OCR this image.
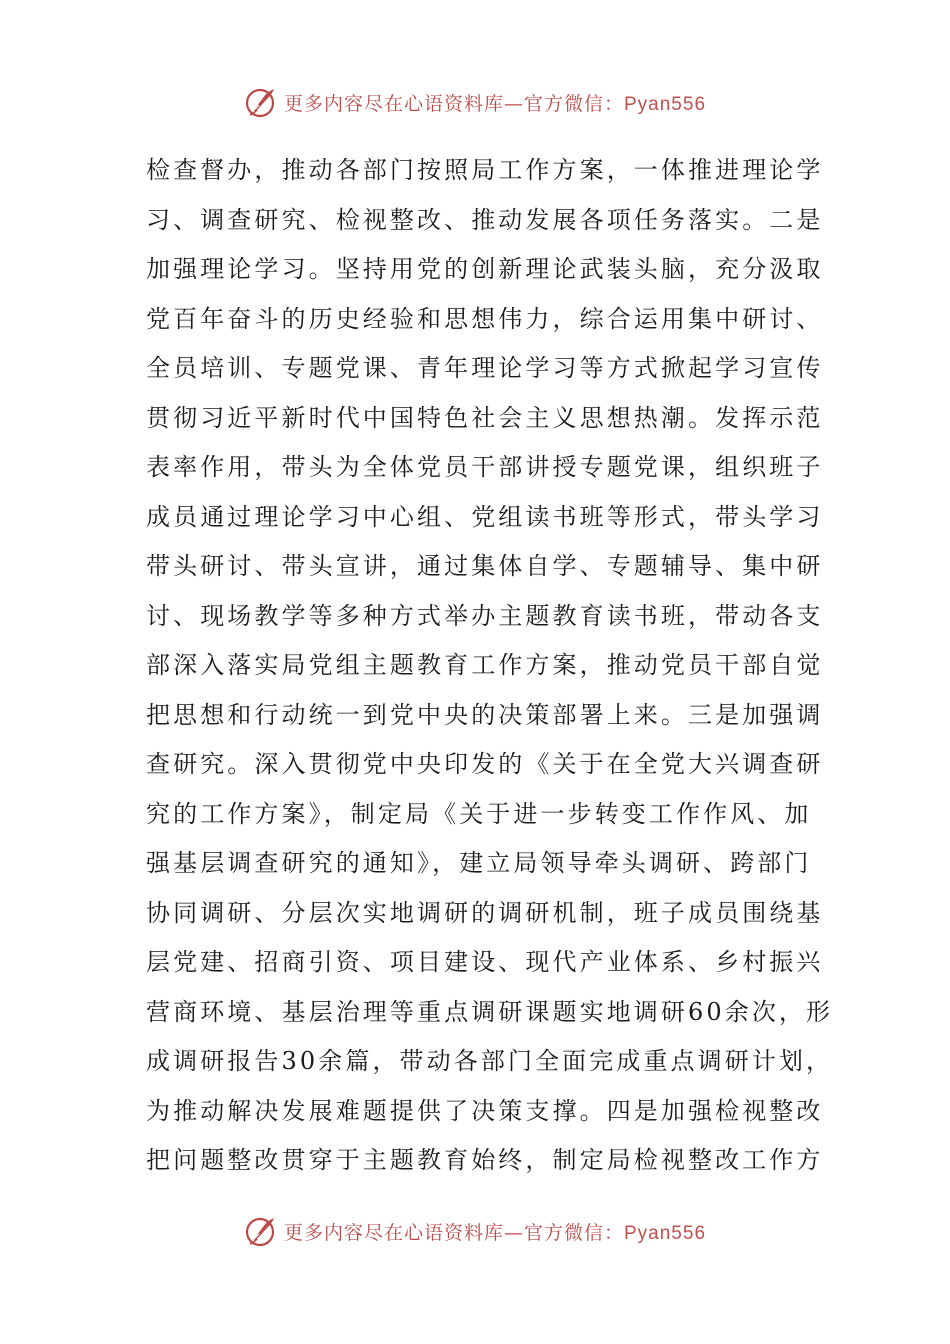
更多内容尽在心语资料库—官方微信：Pyan556
检查督办，推动各部门按照局工作方案，一体推进理论学
习、调查研究、检视整改、推动发展各项任务落实。二是
加强理论学习。坚持用党的创新理论武装头脑，充分汲取
党百年奋斗的历史经验和思想伟力，综合运用集中研讨、
全员培训、专题党课、青年理论学习等方式掀起学习宣传
贯彻习近平新时代中国特色社会主义思想热潮。发挥示范
表率作用，带头为全体党员干部讲授专题党课，组织班子
成员通过理论学习中心组、党组读书班等形式，带头学习
带头研讨、带头宣讲，通过集体自学、专题辅导、集中研
讨、现场教学等多种方式举办主题教育读书班，带动各支
部深入落实局党组主题教育工作方案，推动党员干部自觉
把思想和行动统一到党中央的决策部署上来。三是加强调
查研究。深入贯彻党中央印发的《关于在全党大兴调查研
究的工作方案》，制定局《关于进一步转变工作作风、加
强基层调查研究的通知》，建立局领导牵头调研、跨部门
协同调研、分层次实地调研的调研机制，班子成员围绕基
层党建、招商引资、项目建设、现代产业体系、乡村振兴
营商环境、基层治理等重点调研课题实地调研60余次，形
成调研报告30余篇，带动各部门全面完成重点调研计划，
为推动解决发展难题提供了决策支撑。四是加强检视整改
把问题整改贯穿于主题教育始终，制定局检视整改工作方
更多内容尽在心语资料库—官方微信：Pyan556
